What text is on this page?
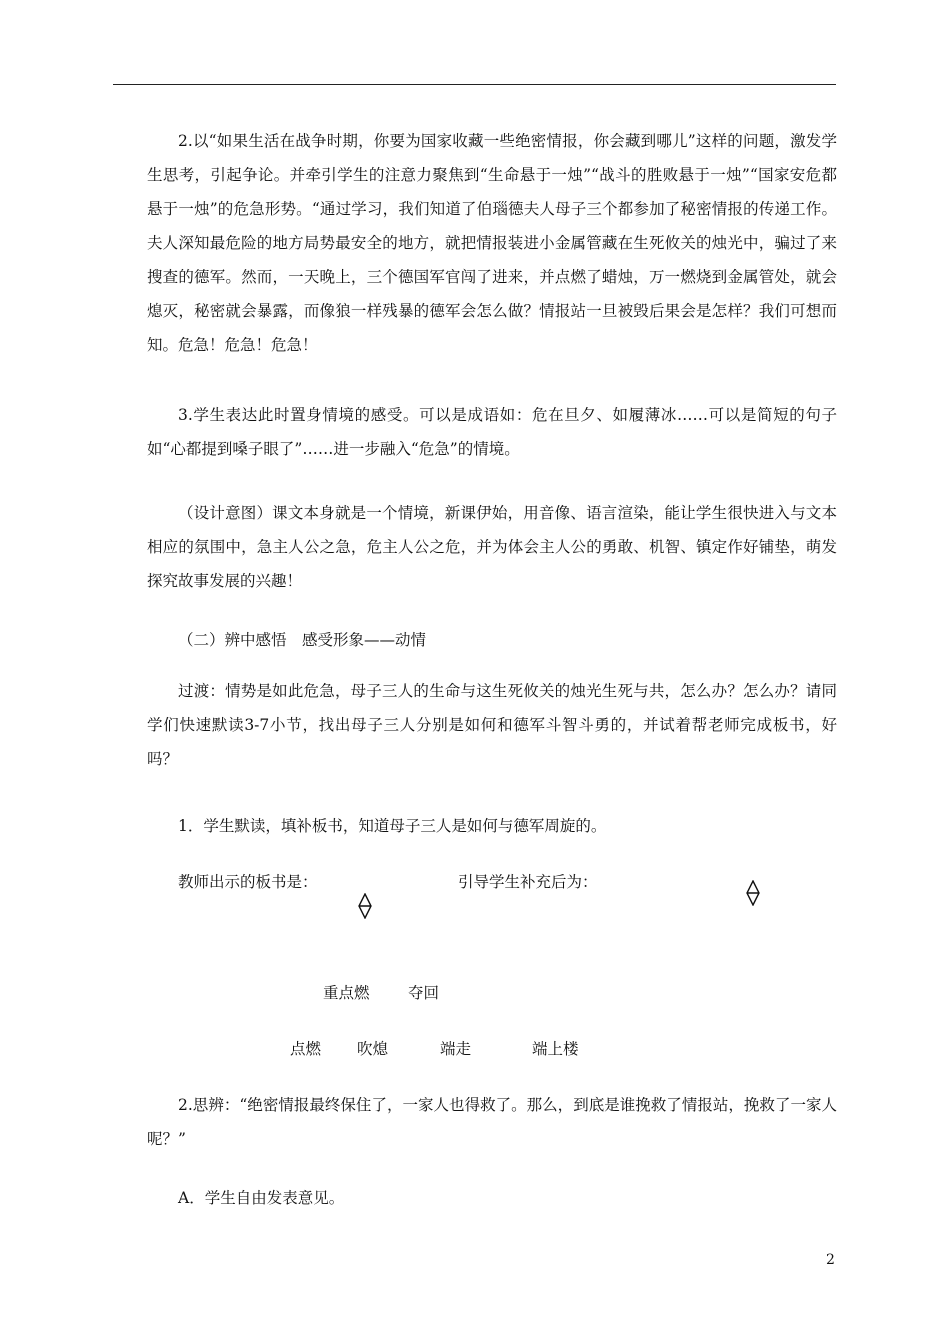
2.以“如果生活在战争时期，你要为国家收藏一些绝密情报，你会藏到哪儿”这样的问题，激发学生思考，引起争论。并牵引学生的注意力聚焦到“生命悬于一烛”“战斗的胜败悬于一烛”“国家安危都悬于一烛”的危急形势。“通过学习，我们知道了伯瑙德夫人母子三个都参加了秘密情报的传递工作。夫人深知最危险的地方局势最安全的地方，就把情报装进小金属管藏在生死攸关的烛光中，骗过了来搜查的德军。然而，一天晚上，三个德国军官闯了进来，并点燃了蜡烛，万一燃烧到金属管处，就会熄灭，秘密就会暴露，而像狼一样残暴的德军会怎么做？情报站一旦被毁后果会是怎样？我们可想而知。危急！危急！危急！

3.学生表达此时置身情境的感受。可以是成语如：危在旦夕、如履薄冰……可以是简短的句子如“心都提到嗓子眼了”……进一步融入“危急”的情境。

（设计意图）课文本身就是一个情境，新课伊始，用音像、语言渲染，能让学生很快进入与文本相应的氛围中，急主人公之急，危主人公之危，并为体会主人公的勇敢、机智、镇定作好铺垫，萌发探究故事发展的兴趣！

（二）辨中感悟　感受形象——动情

过渡：情势是如此危急，母子三人的生命与这生死攸关的烛光生死与共，怎么办？怎么办？请同学们快速默读3-7小节，找出母子三人分别是如何和德军斗智斗勇的，并试着帮老师完成板书，好吗？

1．学生默读，填补板书，知道母子三人是如何与德军周旋的。
教师出示的板书是：	引导学生补充后为：
重点燃 夺回
点燃 吹熄	端走	端上楼

2.思辨：“绝密情报最终保住了，一家人也得救了。那么，到底是谁挽救了情报站，挽救了一家人呢？”

A．学生自由发表意见。
2
